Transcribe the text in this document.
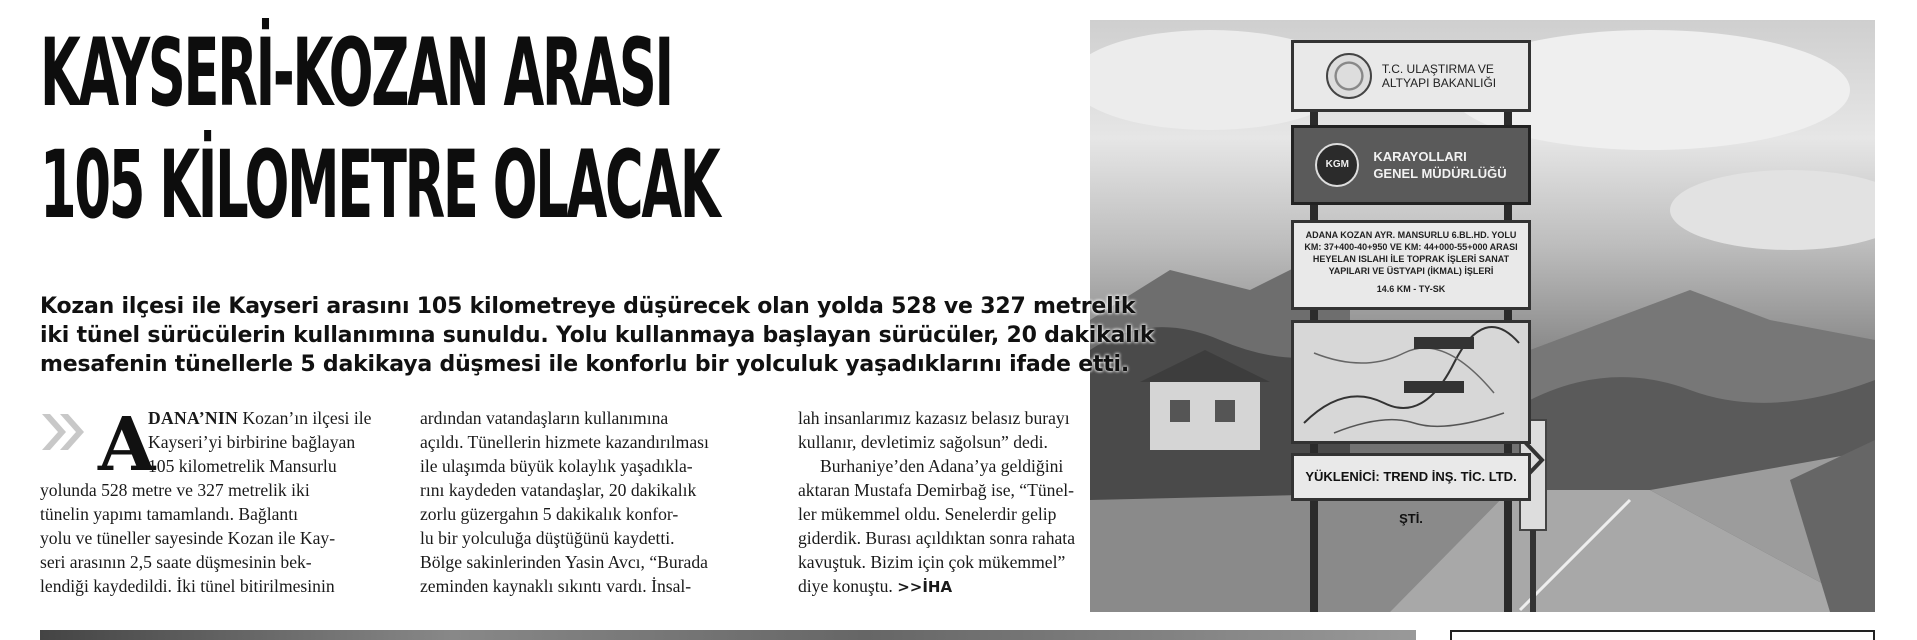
T.C. ULAŞTIRMA VE
ALTYAPI BAKANLIĞI
KGM
KARAYOLLARI
GENEL MÜDÜRLÜĞÜ
ADANA KOZAN AYR. MANSURLU 6.BL.HD. YOLU
KM: 37+400-40+950 VE KM: 44+000-55+000 ARASI
HEYELAN ISLAHI İLE TOPRAK İŞLERİ SANAT
YAPILARI VE ÜSTYAPI (İKMAL) İŞLERİ
14.6 KM - TY-SK
YÜKLENİCİ: TREND İNŞ. TİC. LTD. ŞTİ.
KAYSERİ-KOZAN ARASI
105 KİLOMETRE OLACAK
Kozan ilçesi ile Kayseri arasını 105 kilometreye düşürecek olan yolda 528 ve 327 metrelik
iki tünel sürücülerin kullanımına sunuldu. Yolu kullanmaya başlayan sürücüler, 20 dakikalık
mesafenin tünellerle 5 dakikaya düşmesi ile konforlu bir yolculuk yaşadıklarını ifade etti.
A
DANA’NIN Kozan’ın ilçesi ile
Kayseri’yi birbirine bağlayan
105 kilometrelik Mansurlu
yolunda 528 metre ve 327 metrelik iki
tünelin yapımı tamamlandı. Bağlantı
yolu ve tüneller sayesinde Kozan ile Kay-
seri arasının 2,5 saate düşmesinin bek-
lendiği kaydedildi. İki tünel bitirilmesinin
ardından vatandaşların kullanımına
açıldı. Tünellerin hizmete kazandırılması
ile ulaşımda büyük kolaylık yaşadıkla-
rını kaydeden vatandaşlar, 20 dakikalık
zorlu güzergahın 5 dakikalık konfor-
lu bir yolculuğa düştüğünü kaydetti.
Bölge sakinlerinden Yasin Avcı, “Burada
zeminden kaynaklı sıkıntı vardı. İnsal-
lah insanlarımız kazasız belasız burayı
kullanır, devletimiz sağolsun” dedi.
Burhaniye’den Adana’ya geldiğini
aktaran Mustafa Demirbağ ise, “Tünel-
ler mükemmel oldu. Senelerdir gelip
giderdik. Burası açıldıktan sonra rahata
kavuştuk. Bizim için çok mükemmel”
diye konuştu. >>İHA
